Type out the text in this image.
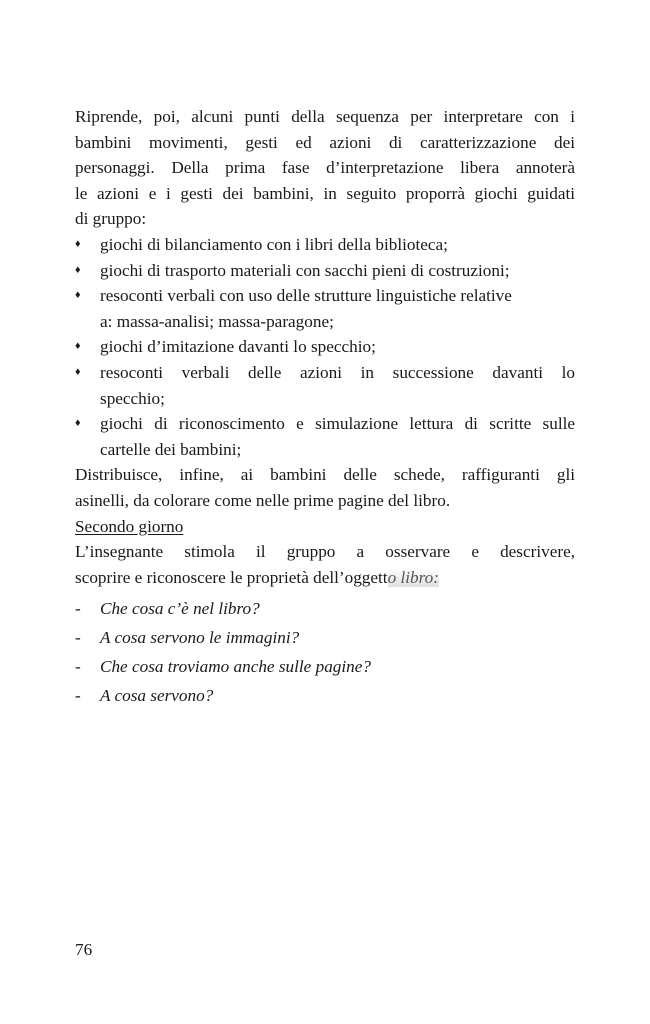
Riprende, poi, alcuni punti della sequenza per interpretare con i
bambini movimenti, gesti ed azioni di caratterizzazione dei
personaggi. Della prima fase d’interpretazione libera annoterà
le azioni e i gesti dei bambini, in seguito proporrà giochi guidati
di gruppo:

♦ giochi di bilanciamento con i libri della biblioteca;
♦ giochi di trasporto materiali con sacchi pieni di costruzioni;
♦ resoconti verbali con uso delle strutture linguistiche relative
a: massa-analisi; massa-paragone;
♦ giochi d’imitazione davanti lo specchio;
♦ resoconti verbali delle azioni in successione davanti lo
specchio;
♦ giochi di riconoscimento e simulazione lettura di scritte sulle
cartelle dei bambini;

Distribuisce, infine, ai bambini delle schede, raffiguranti gli
asinelli, da colorare come nelle prime pagine del libro.

Secondo giorno

L’insegnante stimola il gruppo a osservare e descrivere,
scoprire e riconoscere le proprietà dell’oggetto libro:

- Che cosa c’è nel libro?
- A cosa servono le immagini?
- Che cosa troviamo anche sulle pagine?
- A cosa servono?
76
